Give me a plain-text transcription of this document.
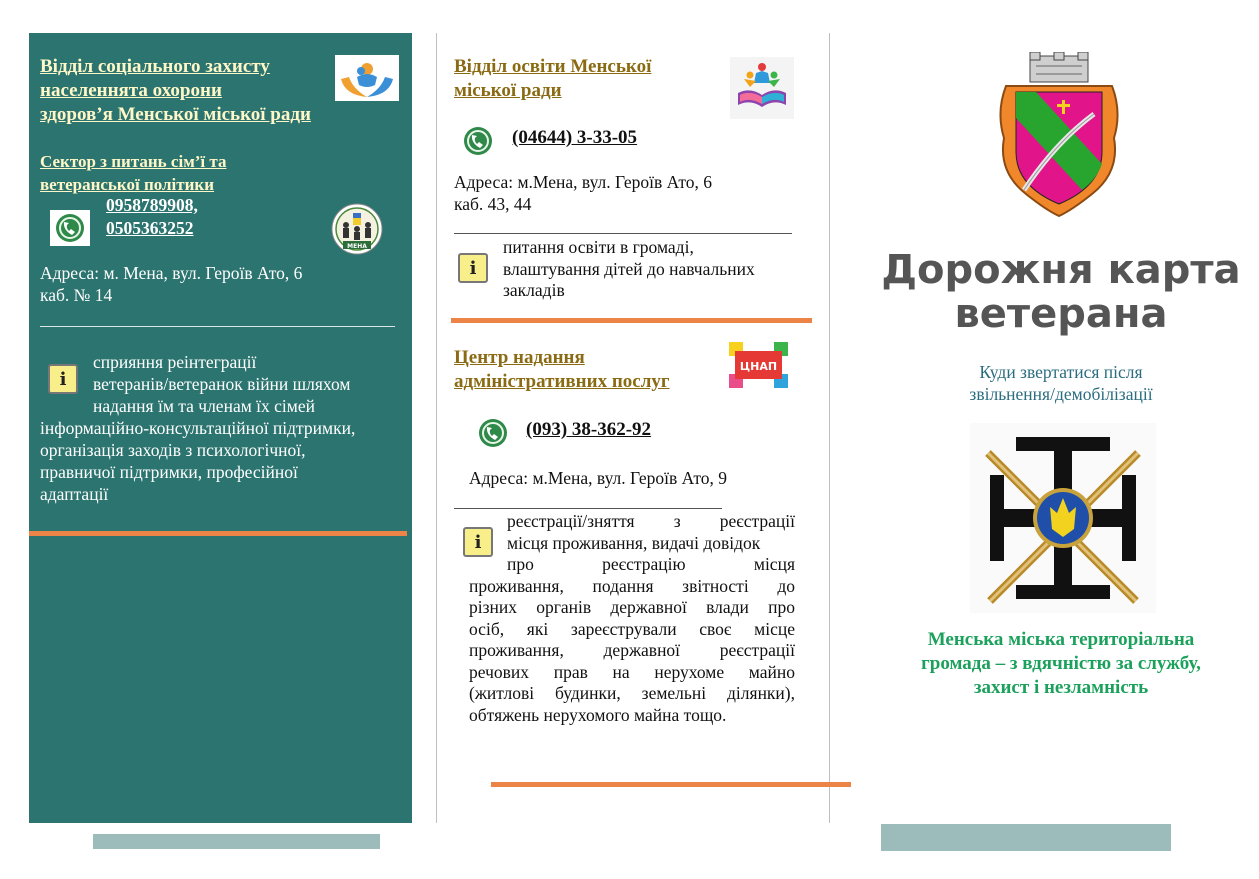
Відділ соціального захисту
населеннята охорони
здоров’я Менської міської ради
Сектор з питань сім’ї та
ветеранської політики
0958789908,
0505363252
МЕНА
Адреса: м. Мена, вул. Героїв Ато, 6
каб. № 14
i
сприяння реінтеграції
ветеранів/ветеранок війни шляхом
надання їм та членам їх сімей
інформаційно-консультаційної підтримки,
організація заходів з психологічної,
правничої підтримки, професійної
адаптації
Відділ освіти Менської
міської ради
(04644) 3-33-05
Адреса: м.Мена, вул. Героїв Ато, 6
каб. 43, 44
i
питання освіти в громаді,
влаштування дітей до навчальних
закладів
Центр надання
адміністративних послуг
ЦНАП
(093) 38-362-92
Адреса: м.Мена, вул. Героїв Ато, 9
i
реєстрації/зняття з реєстрації
місця проживання, видачі довідок
про реєстрацію місця
проживання, подання звітності до
різних органів державної влади про
осіб, які зареєстрували своє місце
проживання, державної реєстрації
речових прав на нерухоме майно
(житлові будинки, земельні ділянки),
обтяжень нерухомого майна тощо.
Дорожня карта
ветерана
Куди звертатися після
звільнення/демобілізації
Менська міська територіальна
громада – з вдячністю за службу,
захист і незламність
